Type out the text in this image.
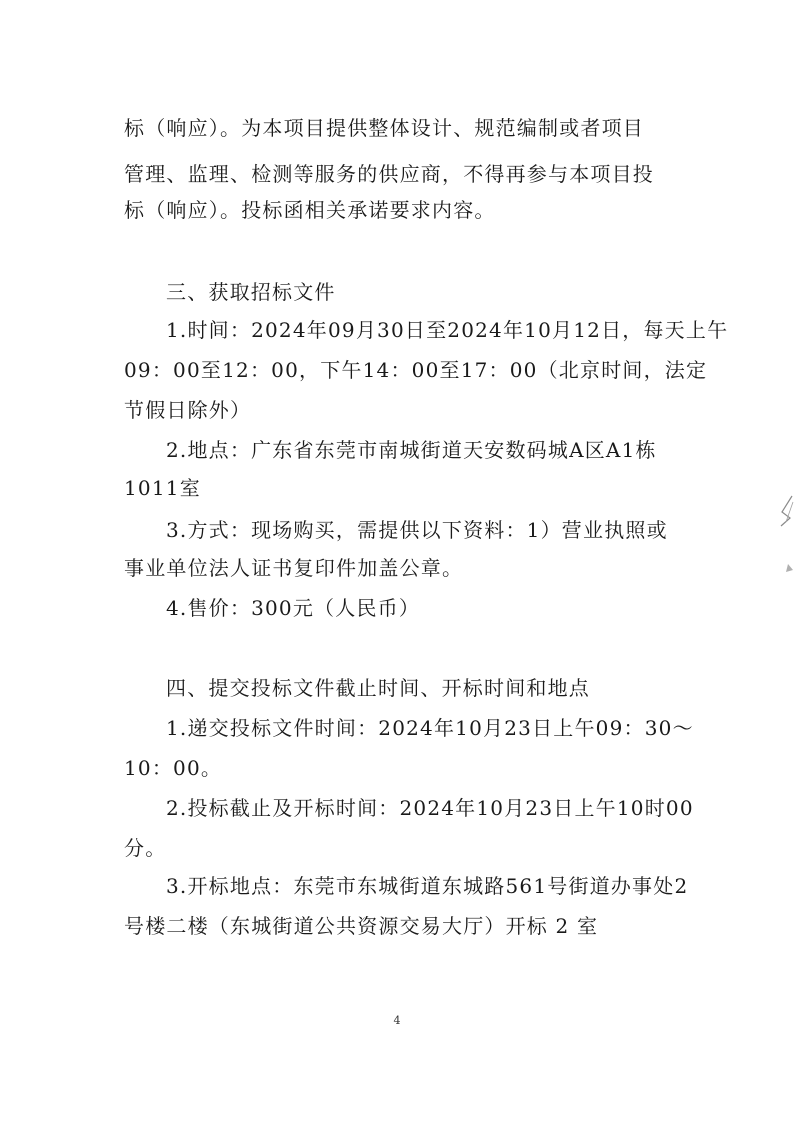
标（响应）。为本项目提供整体设计、规范编制或者项目
管理、监理、检测等服务的供应商，不得再参与本项目投
标（响应）。投标函相关承诺要求内容。
三、获取招标文件
1.时间：2024年09月30日至2024年10月12日，每天上午
09：00至12：00，下午14：00至17：00（北京时间，法定
节假日除外）
2.地点：广东省东莞市南城街道天安数码城A区A1栋
1011室
3.方式：现场购买，需提供以下资料：1）营业执照或
事业单位法人证书复印件加盖公章。
4.售价：300元（人民币）
四、提交投标文件截止时间、开标时间和地点
1.递交投标文件时间：2024年10月23日上午09：30～
10：00。
2.投标截止及开标时间：2024年10月23日上午10时00
分。
3.开标地点：东莞市东城街道东城路561号街道办事处2
号楼二楼（东城街道公共资源交易大厅）开标 2 室
4
